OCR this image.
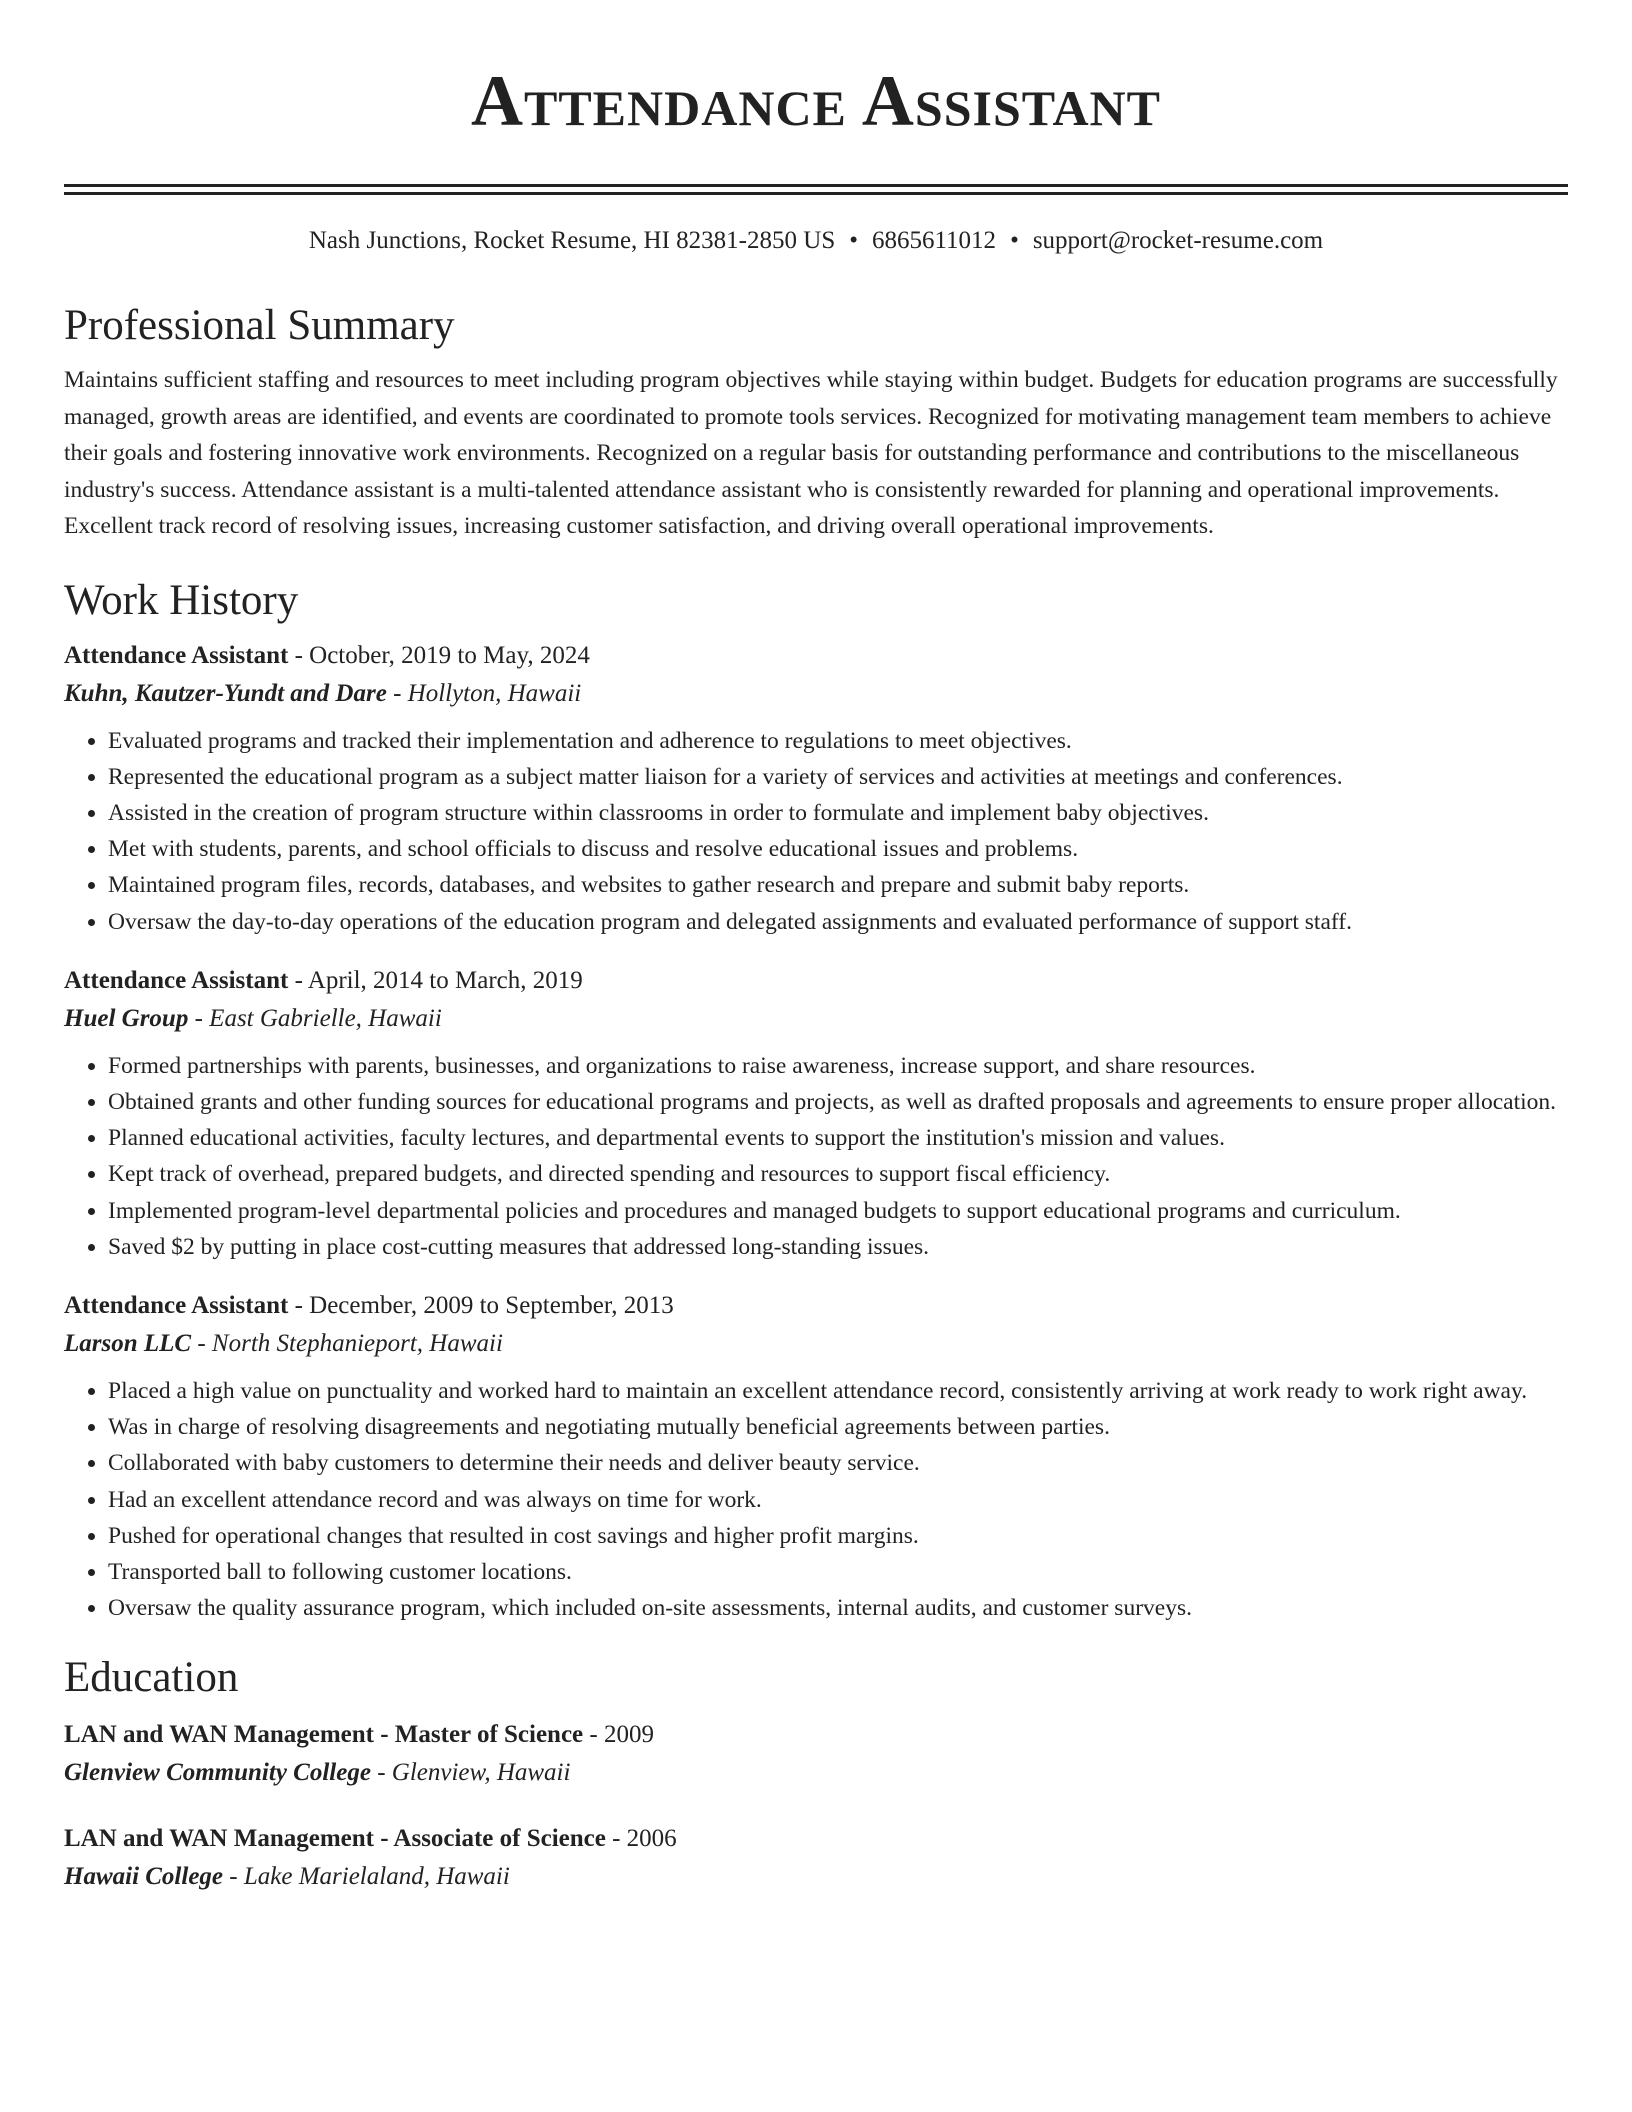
Attendance Assistant
Nash Junctions, Rocket Resume, HI 82381-2850 US • 6865611012 • support@rocket-resume.com
Professional Summary

Maintains sufficient staffing and resources to meet including program objectives while staying within budget. Budgets for education programs are successfully managed, growth areas are identified, and events are coordinated to promote tools services. Recognized for motivating management team members to achieve their goals and fostering innovative work environments. Recognized on a regular basis for outstanding performance and contributions to the miscellaneous industry's success. Attendance assistant is a multi-talented attendance assistant who is consistently rewarded for planning and operational improvements. Excellent track record of resolving issues, increasing customer satisfaction, and driving overall operational improvements.

Work History
Attendance Assistant - October, 2019 to May, 2024
Kuhn, Kautzer-Yundt and Dare - Hollyton, Hawaii
• Evaluated programs and tracked their implementation and adherence to regulations to meet objectives.
• Represented the educational program as a subject matter liaison for a variety of services and activities at meetings and conferences.
• Assisted in the creation of program structure within classrooms in order to formulate and implement baby objectives.
• Met with students, parents, and school officials to discuss and resolve educational issues and problems.
• Maintained program files, records, databases, and websites to gather research and prepare and submit baby reports.
• Oversaw the day-to-day operations of the education program and delegated assignments and evaluated performance of support staff.
Attendance Assistant - April, 2014 to March, 2019
Huel Group - East Gabrielle, Hawaii
• Formed partnerships with parents, businesses, and organizations to raise awareness, increase support, and share resources.
• Obtained grants and other funding sources for educational programs and projects, as well as drafted proposals and agreements to ensure proper allocation.
• Planned educational activities, faculty lectures, and departmental events to support the institution's mission and values.
• Kept track of overhead, prepared budgets, and directed spending and resources to support fiscal efficiency.
• Implemented program-level departmental policies and procedures and managed budgets to support educational programs and curriculum.
• Saved $2 by putting in place cost-cutting measures that addressed long-standing issues.
Attendance Assistant - December, 2009 to September, 2013
Larson LLC - North Stephanieport, Hawaii
• Placed a high value on punctuality and worked hard to maintain an excellent attendance record, consistently arriving at work ready to work right away.
• Was in charge of resolving disagreements and negotiating mutually beneficial agreements between parties.
• Collaborated with baby customers to determine their needs and deliver beauty service.
• Had an excellent attendance record and was always on time for work.
• Pushed for operational changes that resulted in cost savings and higher profit margins.
• Transported ball to following customer locations.
• Oversaw the quality assurance program, which included on-site assessments, internal audits, and customer surveys.
Education
LAN and WAN Management - Master of Science - 2009
Glenview Community College - Glenview, Hawaii
LAN and WAN Management - Associate of Science - 2006
Hawaii College - Lake Marielaland, Hawaii
